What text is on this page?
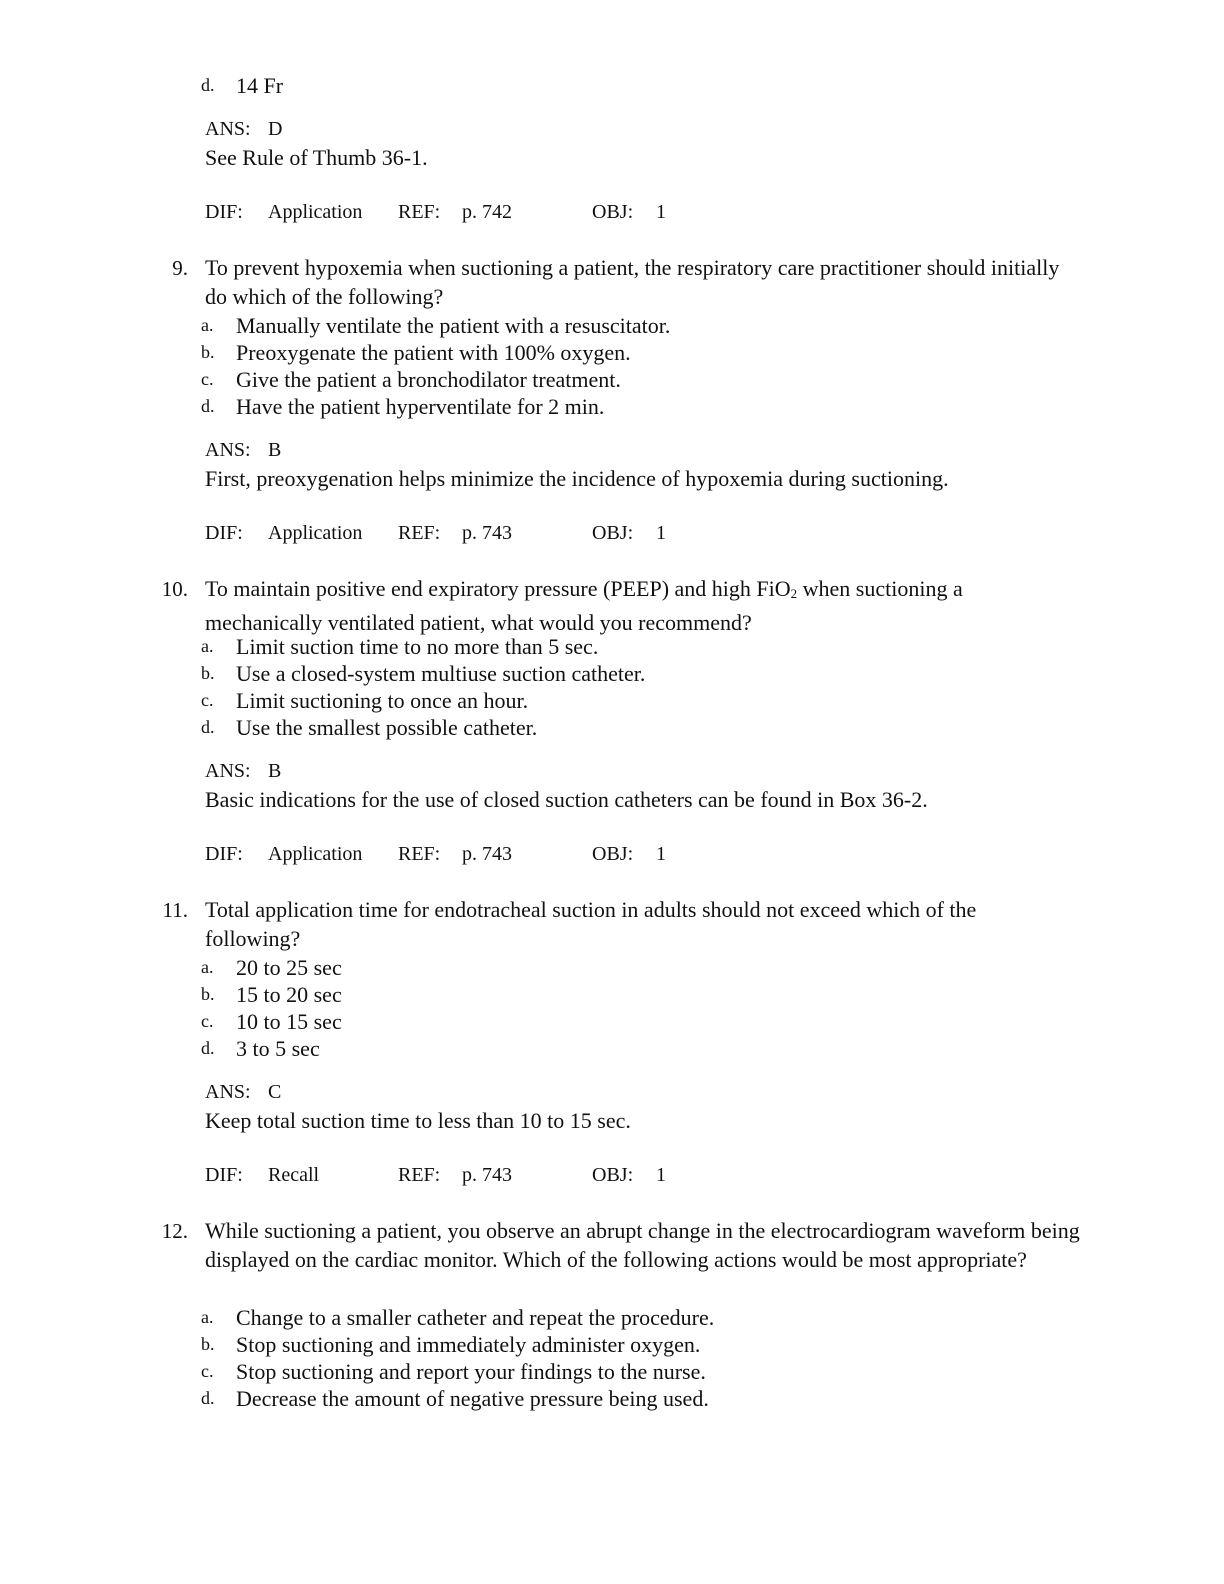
d. 14 Fr
ANS: D
See Rule of Thumb 36-1.
DIF: Application REF: p. 742	OBJ: 1
9. To prevent hypoxemia when suctioning a patient, the respiratory care practitioner should initially do which of the following?
a. Manually ventilate the patient with a resuscitator.
b. Preoxygenate the patient with 100% oxygen.
c. Give the patient a bronchodilator treatment.
d. Have the patient hyperventilate for 2 min.
ANS: B
First, preoxygenation helps minimize the incidence of hypoxemia during suctioning.
DIF: Application REF: p. 743	OBJ: 1
10. To maintain positive end expiratory pressure (PEEP) and high FiO$_2$ when suctioning a mechanically ventilated patient, what would you recommend?
a. Limit suction time to no more than 5 sec.
b. Use a closed-system multiuse suction catheter.
c. Limit suctioning to once an hour.
d. Use the smallest possible catheter.
ANS: B
Basic indications for the use of closed suction catheters can be found in Box 36-2.
DIF: Application REF: p. 743	OBJ: 1
11. Total application time for endotracheal suction in adults should not exceed which of the following?
a. 20 to 25 sec
b. 15 to 20 sec
c. 10 to 15 sec
d. 3 to 5 sec
ANS: C
Keep total suction time to less than 10 to 15 sec.
DIF: Recall	REF: p. 743	OBJ: 1
12. While suctioning a patient, you observe an abrupt change in the electrocardiogram waveform being displayed on the cardiac monitor. Which of the following actions would be most appropriate?
a. Change to a smaller catheter and repeat the procedure.
b. Stop suctioning and immediately administer oxygen.
c. Stop suctioning and report your findings to the nurse.
d. Decrease the amount of negative pressure being used.
